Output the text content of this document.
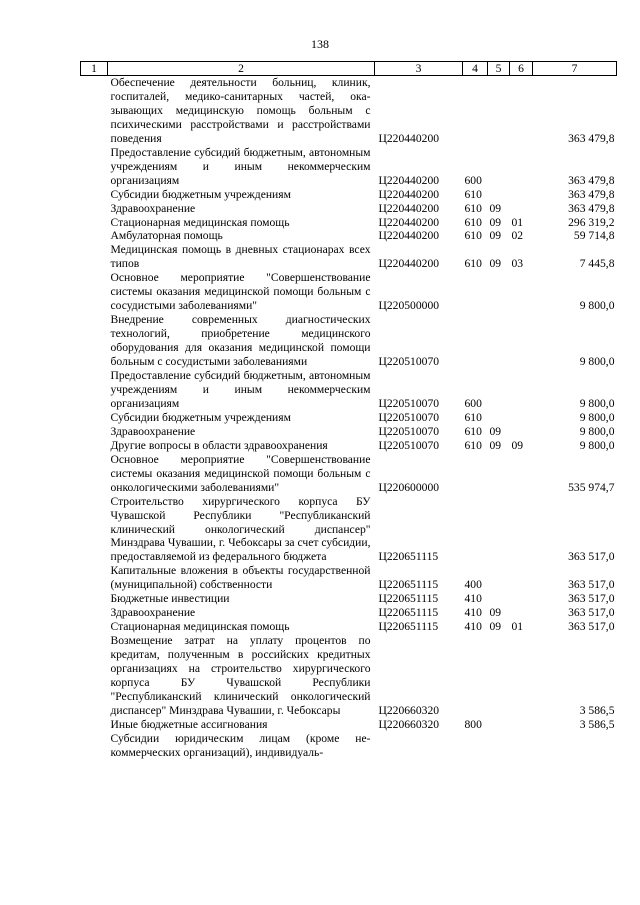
138
1	2	3	4	5	6	7
	Обеспечение деятельности больниц, клиник, госпиталей, медико-санитарных частей, оказывающих медицинскую помощь больным с психическими расстройствами и расстройствами поведения	Ц220440200				363 479,8
	Предоставление субсидий бюджетным, автономным учреждениям и иным некоммерческим организациям	Ц220440200	600			363 479,8
	Субсидии бюджетным учреждениям	Ц220440200	610			363 479,8
	Здравоохранение	Ц220440200	610	09		363 479,8
	Стационарная медицинская помощь	Ц220440200	610	09	01	296 319,2
	Амбулаторная помощь	Ц220440200	610	09	02	59 714,8
	Медицинская помощь в дневных стационарах всех типов	Ц220440200	610	09	03	7 445,8
	Основное мероприятие "Совершенствование системы оказания медицинской помощи больным с сосудистыми заболеваниями"	Ц220500000				9 800,0
	Внедрение современных диагностических технологий, приобретение медицинского оборудования для оказания медицинской помощи больным с сосудистыми заболеваниями	Ц220510070				9 800,0
	Предоставление субсидий бюджетным, автономным учреждениям и иным некоммерческим организациям	Ц220510070	600			9 800,0
	Субсидии бюджетным учреждениям	Ц220510070	610			9 800,0
	Здравоохранение	Ц220510070	610	09		9 800,0
	Другие вопросы в области здравоохранения	Ц220510070	610	09	09	9 800,0
	Основное мероприятие "Совершенствование системы оказания медицинской помощи больным с онкологическими заболеваниями"	Ц220600000				535 974,7
	Строительство хирургического корпуса БУ Чувашской Республики "Республиканский клинический онкологический диспансер" Минздрава Чувашии, г. Чебоксары за счет субсидии, предоставляемой из федерального бюджета	Ц220651115				363 517,0
	Капитальные вложения в объекты государственной (муниципальной) собственности	Ц220651115	400			363 517,0
	Бюджетные инвестиции	Ц220651115	410			363 517,0
	Здравоохранение	Ц220651115	410	09		363 517,0
	Стационарная медицинская помощь	Ц220651115	410	09	01	363 517,0
	Возмещение затрат на уплату процентов по кредитам, полученным в российских кредитных организациях на строительство хирургического корпуса БУ Чувашской Республики "Республиканский клинический онкологический диспансер" Минздрава Чувашии, г. Чебоксары	Ц220660320				3 586,5
	Иные бюджетные ассигнования	Ц220660320	800			3 586,5
	Субсидии юридическим лицам (кроме некоммерческих организаций), индивидуаль-					
